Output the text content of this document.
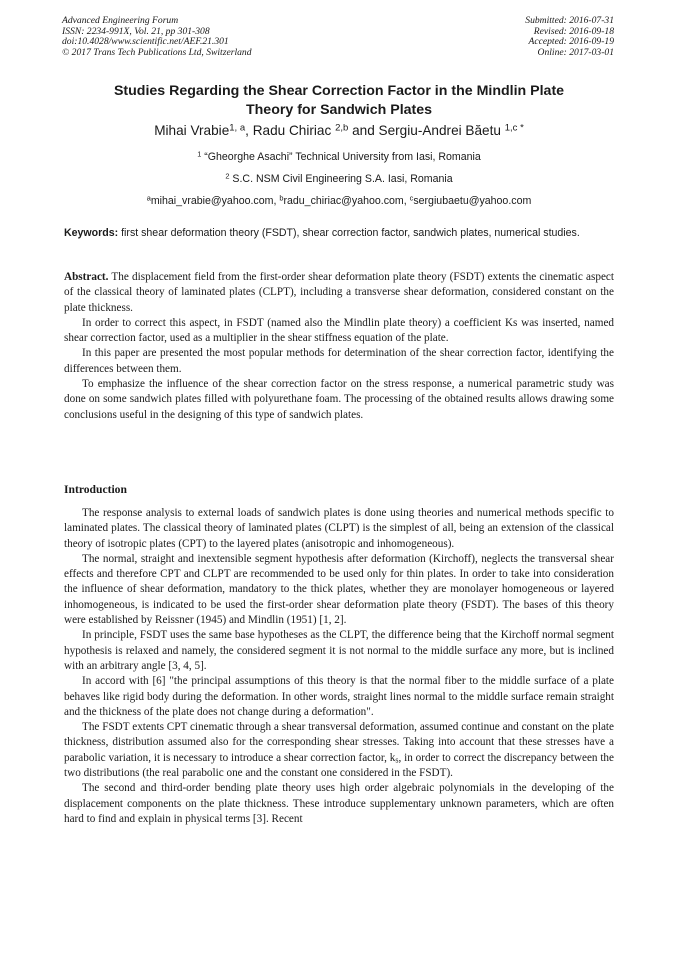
Advanced Engineering Forum
ISSN: 2234-991X, Vol. 21, pp 301-308
doi:10.4028/www.scientific.net/AEF.21.301
© 2017 Trans Tech Publications Ltd, Switzerland
Submitted: 2016-07-31
Revised: 2016-09-18
Accepted: 2016-09-19
Online: 2017-03-01
Studies Regarding the Shear Correction Factor in the Mindlin Plate
Theory for Sandwich Plates
Mihai Vrabie$^{1, a}$, Radu Chiriac $^{2,b}$ and Sergiu-Andrei Băetu $^{1,c *}$
$^1$ “Gheorghe Asachi” Technical University from Iasi, Romania
$^2$ S.C. NSM Civil Engineering S.A. Iasi, Romania
$^a$mihai_vrabie@yahoo.com, $^b$radu_chiriac@yahoo.com, $^c$sergiubaetu@yahoo.com
Keywords: first shear deformation theory (FSDT), shear correction factor, sandwich plates, numerical studies.

Abstract. The displacement field from the first-order shear deformation plate theory (FSDT) extents the cinematic aspect of the classical theory of laminated plates (CLPT), including a transverse shear deformation, considered constant on the plate thickness.

In order to correct this aspect, in FSDT (named also the Mindlin plate theory) a coefficient Ks was inserted, named shear correction factor, used as a multiplier in the shear stiffness equation of the plate.

In this paper are presented the most popular methods for determination of the shear correction factor, identifying the differences between them.

To emphasize the influence of the shear correction factor on the stress response, a numerical parametric study was done on some sandwich plates filled with polyurethane foam. The processing of the obtained results allows drawing some conclusions useful in the designing of this type of sandwich plates.

Introduction

The response analysis to external loads of sandwich plates is done using theories and numerical methods specific to laminated plates. The classical theory of laminated plates (CLPT) is the simplest of all, being an extension of the classical theory of isotropic plates (CPT) to the layered plates (anisotropic and inhomogeneous).

The normal, straight and inextensible segment hypothesis after deformation (Kirchoff), neglects the transversal shear effects and therefore CPT and CLPT are recommended to be used only for thin plates. In order to take into consideration the influence of shear deformation, mandatory to the thick plates, whether they are monolayer homogeneous or layered inhomogeneous, is indicated to be used the first-order shear deformation plate theory (FSDT). The bases of this theory were established by Reissner (1945) and Mindlin (1951) [1, 2].

In principle, FSDT uses the same base hypotheses as the CLPT, the difference being that the Kirchoff normal segment hypothesis is relaxed and namely, the considered segment it is not normal to the middle surface any more, but is inclined with an arbitrary angle [3, 4, 5].

In accord with [6] "the principal assumptions of this theory is that the normal fiber to the middle surface of a plate behaves like rigid body during the deformation. In other words, straight lines normal to the middle surface remain straight and the thickness of the plate does not change during a deformation".

The FSDT extents CPT cinematic through a shear transversal deformation, assumed continue and constant on the plate thickness, distribution assumed also for the corresponding shear stresses. Taking into account that these stresses have a parabolic variation, it is necessary to introduce a shear correction factor, $k_s$, in order to correct the discrepancy between the two distributions (the real parabolic one and the constant one considered in the FSDT).

The second and third-order bending plate theory uses high order algebraic polynomials in the developing of the displacement components on the plate thickness. These introduce supplementary unknown parameters, which are often hard to find and explain in physical terms [3]. Recent
